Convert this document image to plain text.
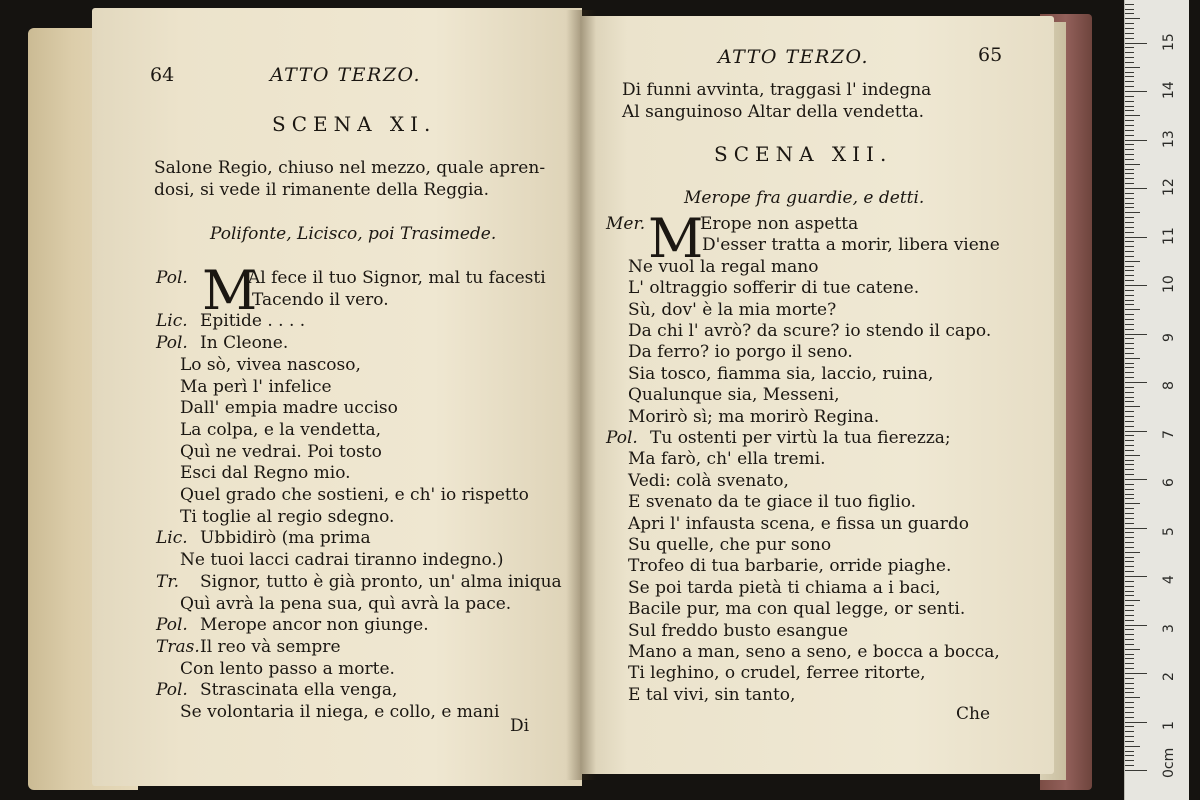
64	ATTO TERZO.
SCENA XI.
Salone Regio, chiuso nel mezzo, quale apren-
dosi, si vede il rimanente della Reggia.
Polifonte, Licisco, poi Trasimede.
M
Pol.	Al fece il tuo Signor, mal tu facesti
Tacendo il vero.
Lic. Epitide . . . .
Pol. In Cleone.
Lo sò, vivea nascoso,
Ma perì l' infelice
Dall' empia madre ucciso
La colpa, e la vendetta,
Quì ne vedrai. Poi tosto
Esci dal Regno mio.
Quel grado che sostieni, e ch' io rispetto
Ti toglie al regio sdegno.
Lic. Ubbidirò (ma prima
Ne tuoi lacci cadrai tiranno indegno.)
Tr. Signor, tutto è già pronto, un' alma iniqua
Quì avrà la pena sua, quì avrà la pace.
Pol. Merope ancor non giunge.
Tras. Il reo và sempre
Con lento passo a morte.
Pol. Strascinata ella venga,
Se volontaria il niega, e collo, e mani
Di
ATTO TERZO.	65
Di funni avvinta, traggasi l' indegna
Al sanguinoso Altar della vendetta.
SCENA XII.
Merope fra guardie, e detti.
M
Mer.	Erope non aspetta
D'esser tratta a morir, libera viene
Ne vuol la regal mano
L' oltraggio sofferir di tue catene.
Sù, dov' è la mia morte?
Da chi l' avrò? da scure? io stendo il capo.
Da ferro? io porgo il seno.
Sia tosco, fiamma sia, laccio, ruina,
Qualunque sia, Messeni,
Morirò sì; ma morirò Regina.
Pol. Tu ostenti per virtù la tua fierezza;
Ma farò, ch' ella tremi.
Vedi: colà svenato,
E svenato da te giace il tuo figlio.
Apri l' infausta scena, e fissa un guardo
Su quelle, che pur sono
Trofeo di tua barbarie, orride piaghe.
Se poi tarda pietà ti chiama a i baci,
Bacile pur, ma con qual legge, or senti.
Sul freddo busto esangue
Mano a man, seno a seno, e bocca a bocca,
Ti leghino, o crudel, ferree ritorte,
E tal vivi, sin tanto,
Che
0cm
1
2
3
4
5
6
7
8
9
10
11
12
13
14
15
